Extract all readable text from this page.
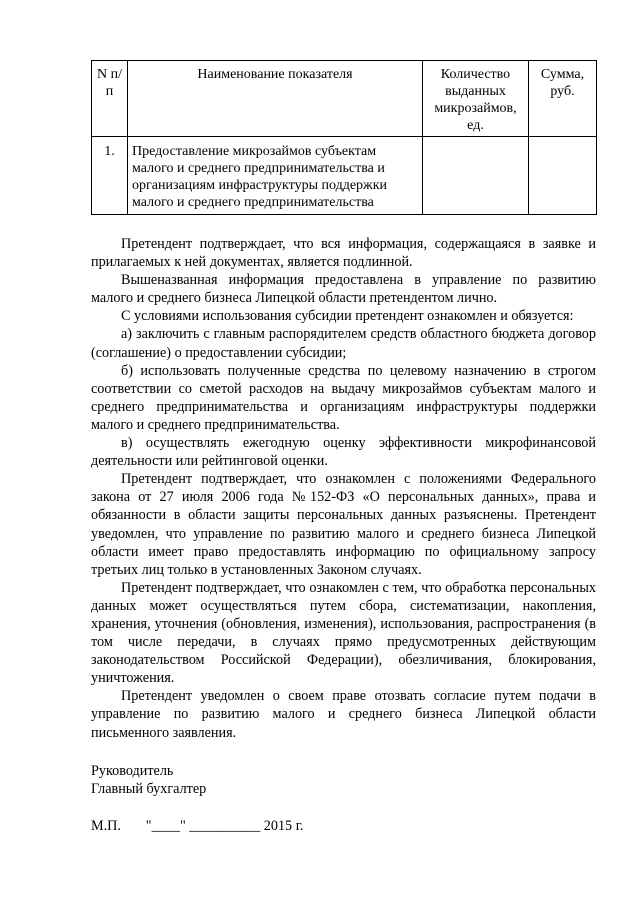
N п/п	Наименование показателя	Количество выданных микрозаймов, ед.	Сумма, руб.
1.	Предоставление микрозаймов субъектам малого и среднего предпринимательства и организациям инфраструктуры поддержки малого и среднего предпринимательства		

Претендент подтверждает, что вся информация, содержащаяся в заявке и прилагаемых к ней документах, является подлинной.

Вышеназванная информация предоставлена в управление по развитию малого и среднего бизнеса Липецкой области претендентом лично.

С условиями использования субсидии претендент ознакомлен и обязуется:

а) заключить с главным распорядителем средств областного бюджета договор (соглашение) о предоставлении субсидии;

б) использовать полученные средства по целевому назначению в строгом соответствии со сметой расходов на выдачу микрозаймов субъектам малого и среднего предпринимательства и организациям инфраструктуры поддержки малого и среднего предпринимательства.

в) осуществлять ежегодную оценку эффективности микрофинансовой деятельности или рейтинговой оценки.

Претендент подтверждает, что ознакомлен с положениями Федерального закона от 27 июля 2006 года №152-ФЗ «О персональных данных», права и обязанности в области защиты персональных данных разъяснены. Претендент уведомлен, что управление по развитию малого и среднего бизнеса Липецкой области имеет право предоставлять информацию по официальному запросу третьих лиц только в установленных Законом случаях.

Претендент подтверждает, что ознакомлен с тем, что обработка персональных данных может осуществляться путем сбора, систематизации, накопления, хранения, уточнения (обновления, изменения), использования, распространения (в том числе передачи, в случаях прямо предусмотренных действующим законодательством Российской Федерации), обезличивания, блокирования, уничтожения.

Претендент уведомлен о своем праве отозвать согласие путем подачи в управление по развитию малого и среднего бизнеса Липецкой области письменного заявления.

Руководитель
Главный бухгалтер
М.П.       "____" __________ 2015 г.
